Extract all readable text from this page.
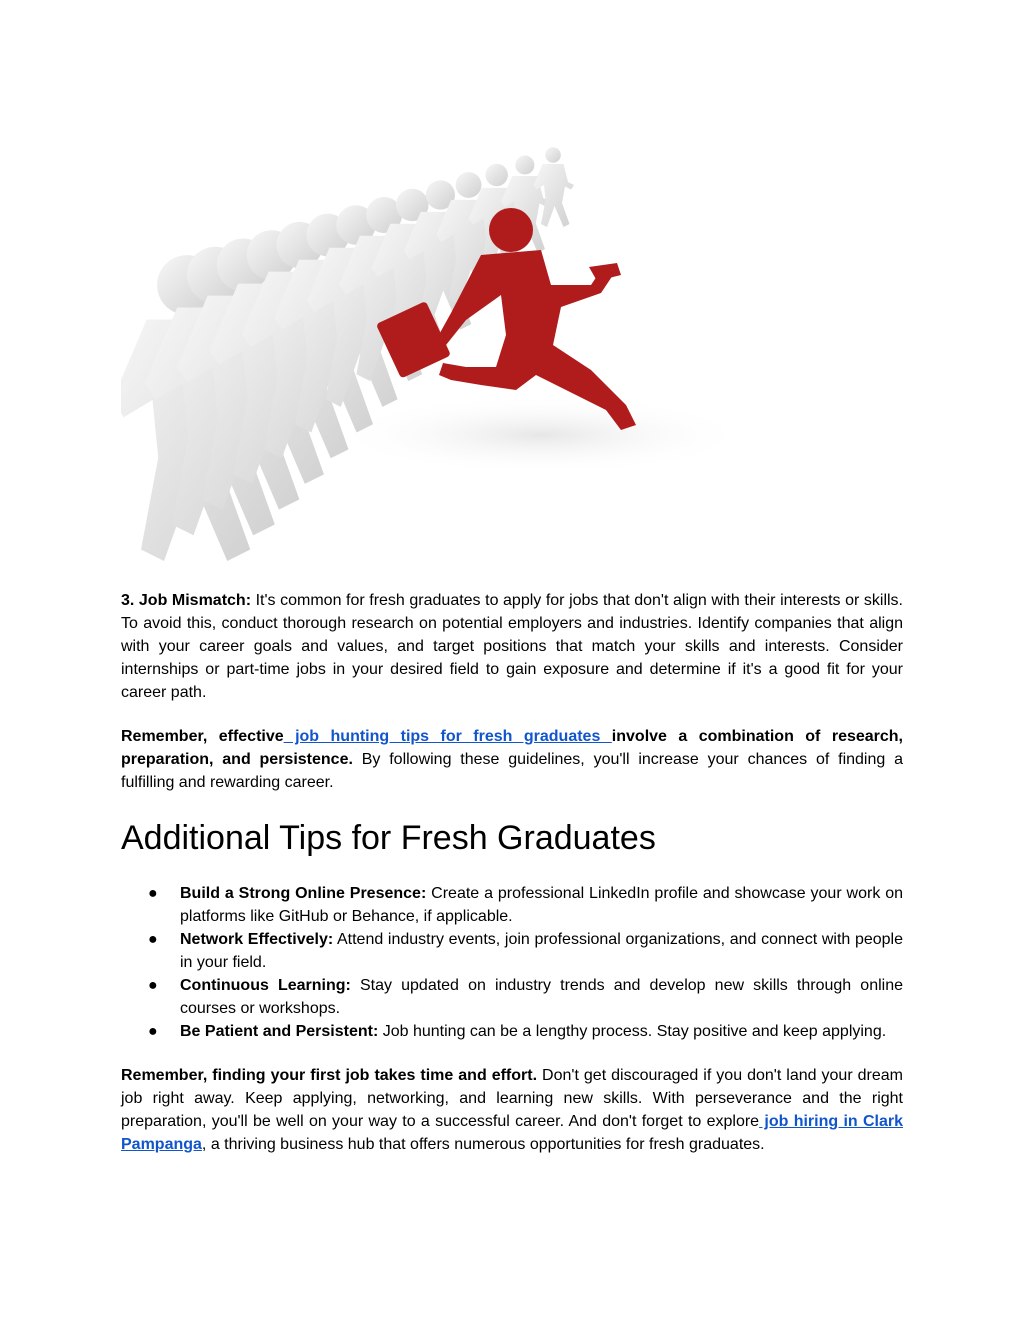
3. Job Mismatch: It's common for fresh graduates to apply for jobs that don't align with their interests or skills. To avoid this, conduct thorough research on potential employers and industries. Identify companies that align with your career goals and values, and target positions that match your skills and interests. Consider internships or part-time jobs in your desired field to gain exposure and determine if it's a good fit for your career path.

Remember, effective job hunting tips for fresh graduates involve a combination of research, preparation, and persistence. By following these guidelines, you'll increase your chances of finding a fulfilling and rewarding career.

Additional Tips for Fresh Graduates
● Build a Strong Online Presence: Create a professional LinkedIn profile and showcase your work on platforms like GitHub or Behance, if applicable.
● Network Effectively: Attend industry events, join professional organizations, and connect with people in your field.
● Continuous Learning: Stay updated on industry trends and develop new skills through online courses or workshops.
● Be Patient and Persistent: Job hunting can be a lengthy process. Stay positive and keep applying.

Remember, finding your first job takes time and effort. Don't get discouraged if you don't land your dream job right away. Keep applying, networking, and learning new skills. With perseverance and the right preparation, you'll be well on your way to a successful career. And don't forget to explore job hiring in Clark Pampanga, a thriving business hub that offers numerous opportunities for fresh graduates.
